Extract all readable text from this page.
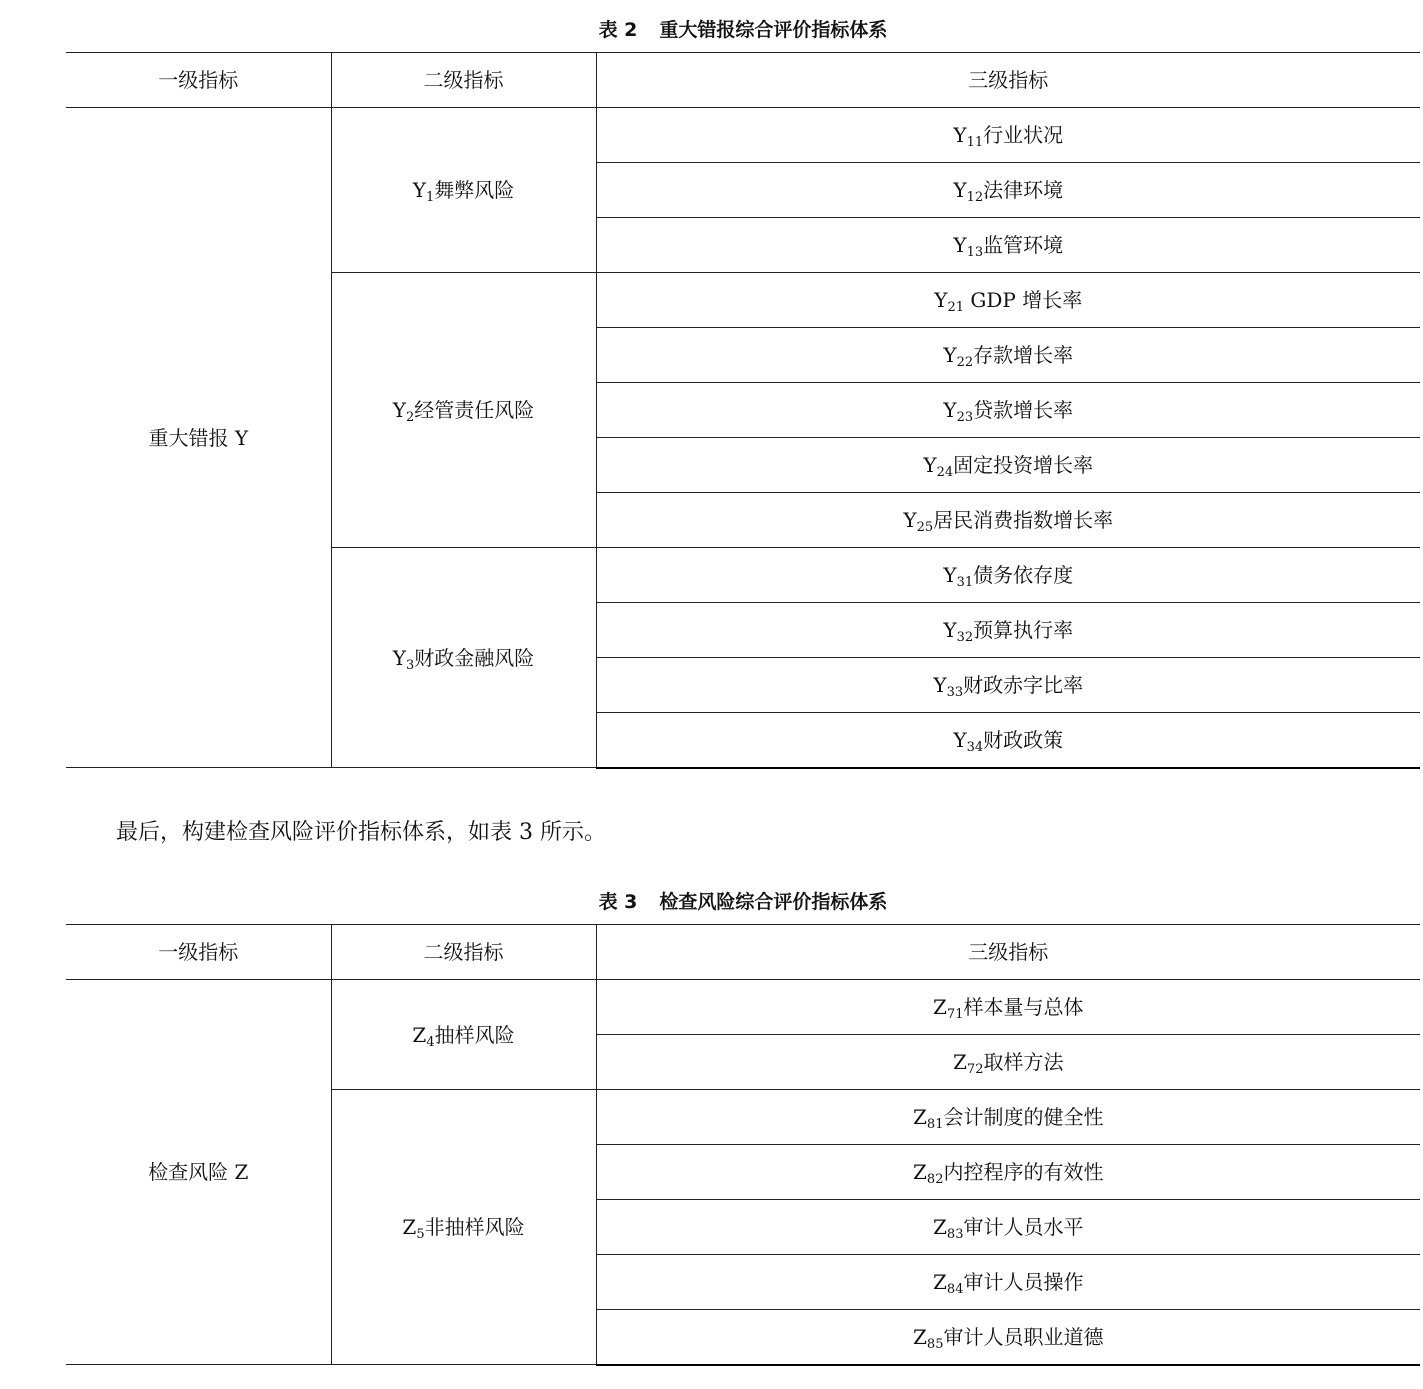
表 2 重大错报综合评价指标体系
一级指标	二级指标	三级指标
重大错报 Y	$Y_1$舞弊风险	$Y_{11}$行业状况
		$Y_{12}$法律环境
		$Y_{13}$监管环境
	$Y_2$经管责任风险	$Y_{21}$ GDP 增长率
		$Y_{22}$存款增长率
		$Y_{23}$贷款增长率
		$Y_{24}$固定投资增长率
		$Y_{25}$居民消费指数增长率
	$Y_3$财政金融风险	$Y_{31}$债务依存度
		$Y_{32}$预算执行率
		$Y_{33}$财政赤字比率
		$Y_{34}$财政政策

最后，构建检查风险评价指标体系，如表 3 所示。

表 3 检查风险综合评价指标体系
一级指标	二级指标	三级指标
检查风险 Z	$Z_4$抽样风险	$Z_{71}$样本量与总体
		$Z_{72}$取样方法
	$Z_5$非抽样风险	$Z_{81}$会计制度的健全性
		$Z_{82}$内控程序的有效性
		$Z_{83}$审计人员水平
		$Z_{84}$审计人员操作
		$Z_{85}$审计人员职业道德
